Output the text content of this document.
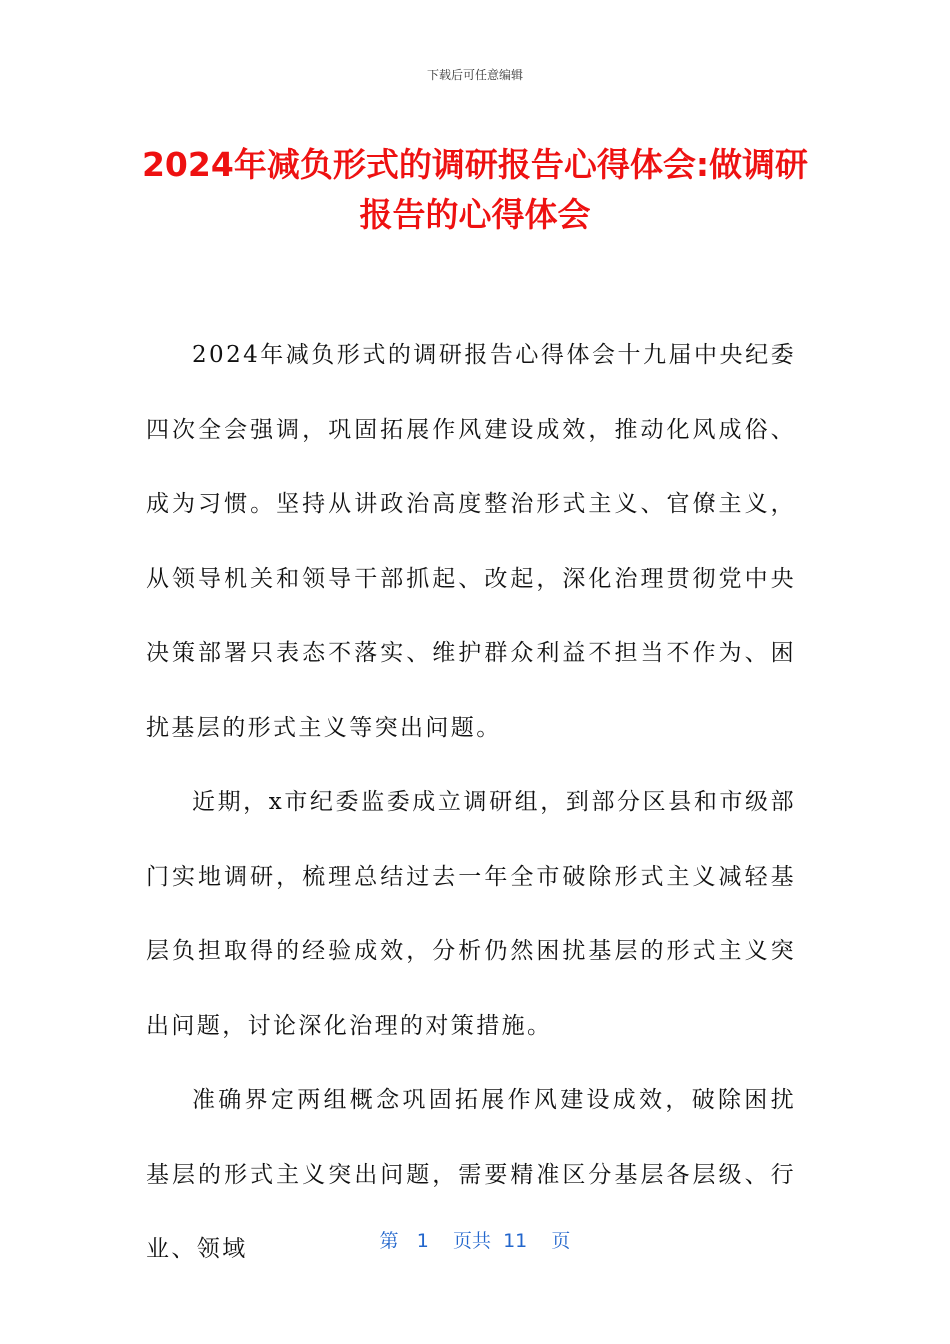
下载后可任意编辑
2024年减负形式的调研报告心得体会:做调研报告的心得体会

2024年减负形式的调研报告心得体会十九届中央纪委四次全会强调，巩固拓展作风建设成效，推动化风成俗、成为习惯。坚持从讲政治高度整治形式主义、官僚主义，从领导机关和领导干部抓起、改起，深化治理贯彻党中央决策部署只表态不落实、维护群众利益不担当不作为、困扰基层的形式主义等突出问题。

近期，x市纪委监委成立调研组，到部分区县和市级部门实地调研，梳理总结过去一年全市破除形式主义减轻基层负担取得的经验成效，分析仍然困扰基层的形式主义突出问题，讨论深化治理的对策措施。

准确界定两组概念巩固拓展作风建设成效，破除困扰基层的形式主义突出问题，需要精准区分基层各层级、行业、领域	第 1 页共 11 页
